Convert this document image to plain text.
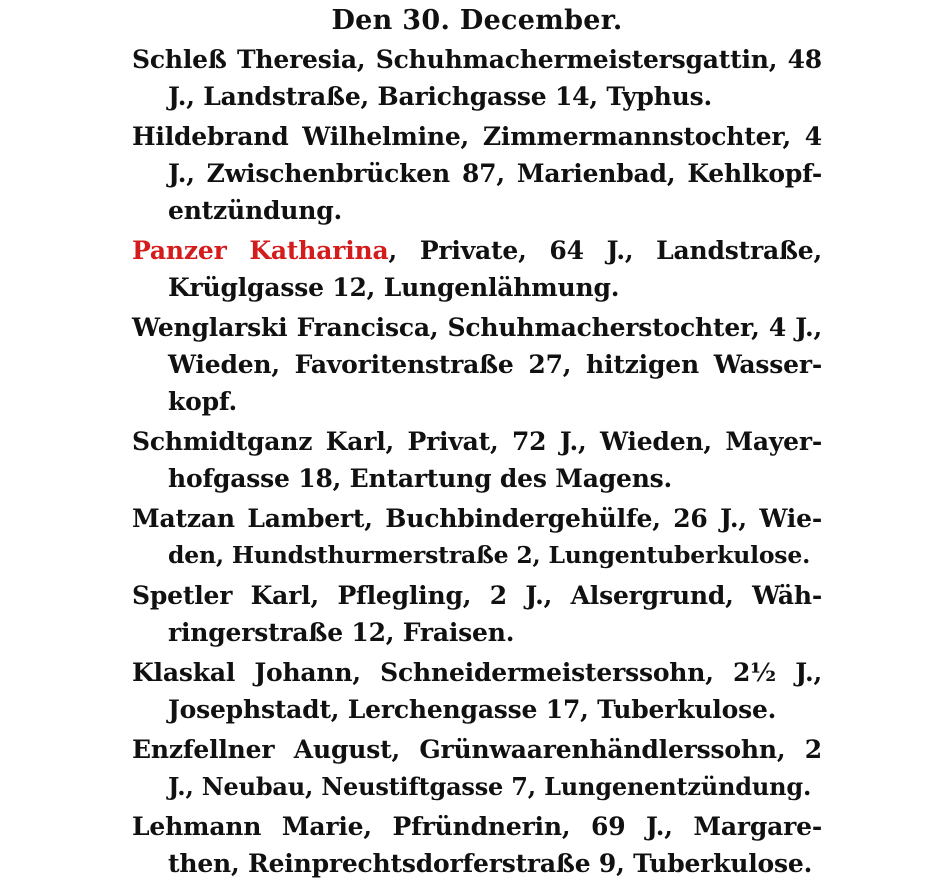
Den 30. December.
Schleß Theresia, Schuhmachermeistersgattin, 48
J., Landstraße, Barichgasse 14, Typhus.
Hildebrand Wilhelmine, Zimmermannstochter, 4
J., Zwischenbrücken 87, Marienbad, Kehlkopf-
entzündung.
Panzer Katharina, Private, 64 J., Landstraße,
Krüglgasse 12, Lungenlähmung.
Wenglarski Francisca, Schuhmacherstochter, 4 J.,
Wieden, Favoritenstraße 27, hitzigen Wasser-
kopf.
Schmidtganz Karl, Privat, 72 J., Wieden, Mayer-
hofgasse 18, Entartung des Magens.
Matzan Lambert, Buchbindergehülfe, 26 J., Wie-
den, Hundsthurmerstraße 2, Lungentuberkulose.
Spetler Karl, Pflegling, 2 J., Alsergrund, Wäh-
ringerstraße 12, Fraisen.
Klaskal Johann, Schneidermeisterssohn, 2½ J.,
Josephstadt, Lerchengasse 17, Tuberkulose.
Enzfellner August, Grünwaarenhändlerssohn, 2
J., Neubau, Neustiftgasse 7, Lungenentzündung.
Lehmann Marie, Pfründnerin, 69 J., Margare-
then, Reinprechtsdorferstraße 9, Tuberkulose.
